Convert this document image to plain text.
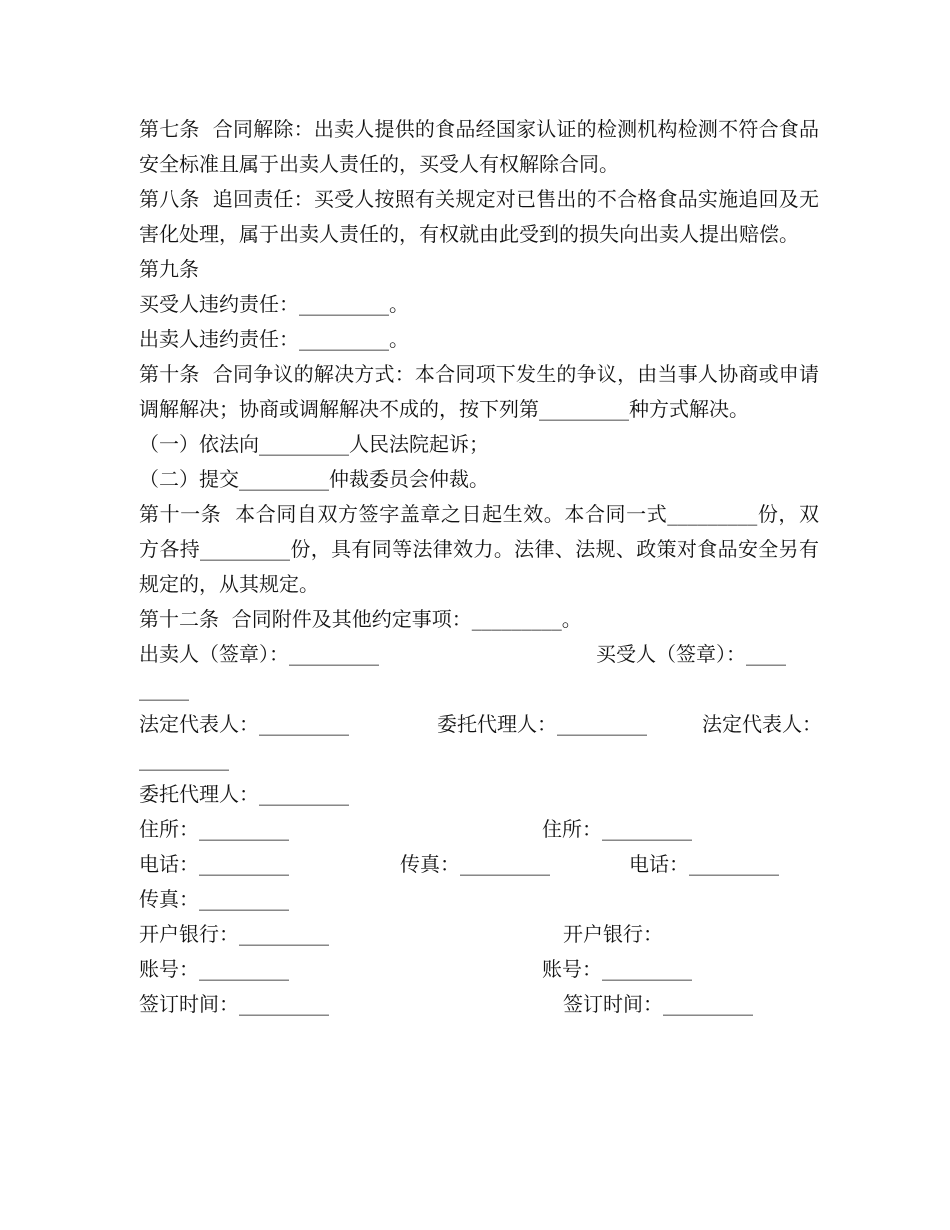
第七条  合同解除：出卖人提供的食品经国家认证的检测机构检测不符合食品安全标准且属于出卖人责任的，买受人有权解除合同。

第八条  追回责任：买受人按照有关规定对已售出的不合格食品实施追回及无害化处理，属于出卖人责任的，有权就由此受到的损失向出卖人提出赔偿。

第九条

买受人违约责任：_________。

出卖人违约责任：_________。

第十条  合同争议的解决方式：本合同项下发生的争议，由当事人协商或申请调解解决；协商或调解解决不成的，按下列第_________种方式解决。

（一）依法向_________人民法院起诉；

（二）提交_________仲裁委员会仲裁。

第十一条  本合同自双方签字盖章之日起生效。本合同一式_________份，双方各持_________份，具有同等法律效力。法律、法规、政策对食品安全另有规定的，从其规定。

第十二条  合同附件及其他约定事项：_________。

出卖人（签章）：_________

	买受人（签章）：____

_____

法定代表人：_________

	委托代理人：_________

	法定代表人：

_________

委托代理人：_________

住所：_________

	住所：_________

电话：_________

	传真：_________

	电话：_________

传真：_________

开户银行：_________

	开户银行：

账号：_________

	账号：_________

签订时间：_________

	签订时间：_________
